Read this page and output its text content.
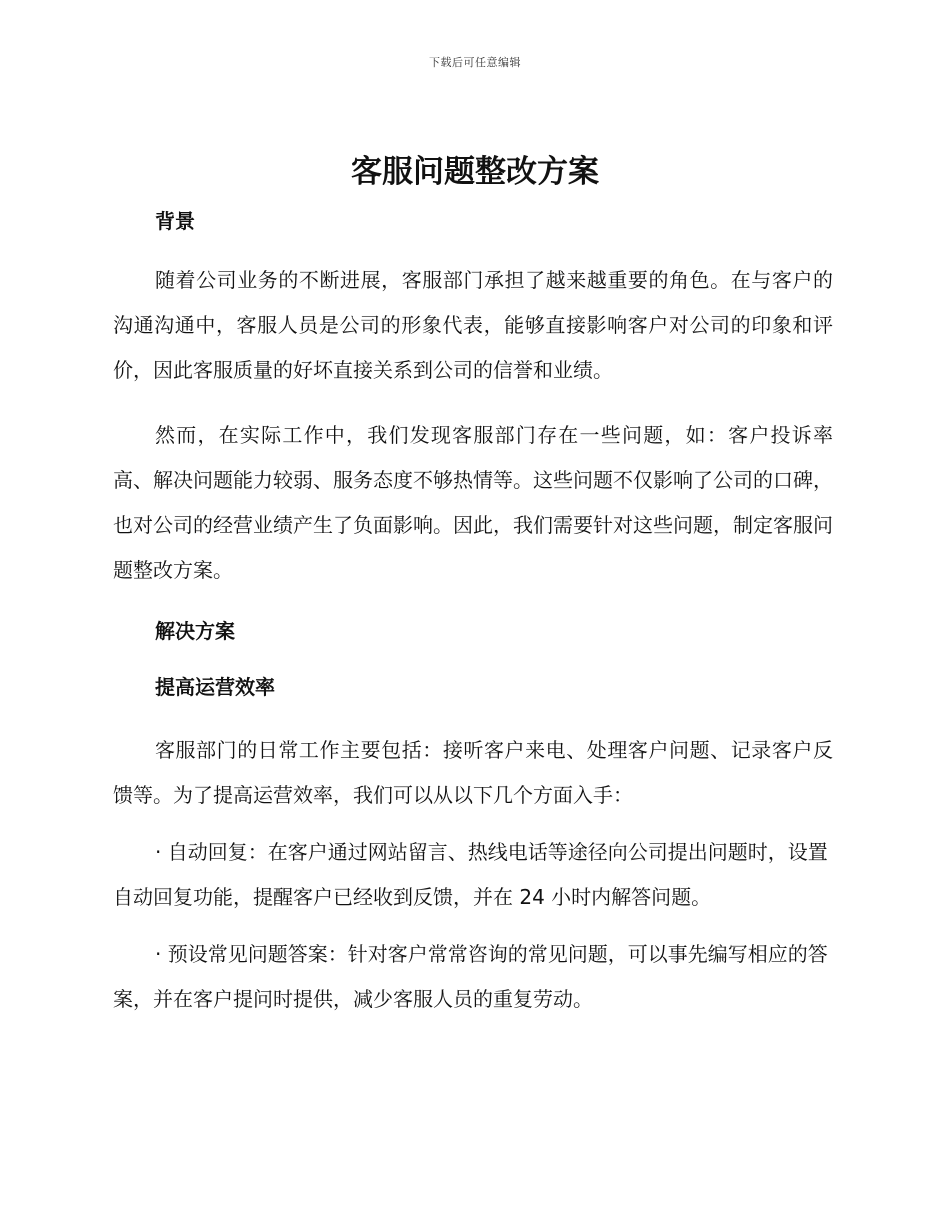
下载后可任意编辑
客服问题整改方案

背景

随着公司业务的不断进展，客服部门承担了越来越重要的角色。在与客户的沟通沟通中，客服人员是公司的形象代表，能够直接影响客户对公司的印象和评价，因此客服质量的好坏直接关系到公司的信誉和业绩。

然而，在实际工作中，我们发现客服部门存在一些问题，如：客户投诉率高、解决问题能力较弱、服务态度不够热情等。这些问题不仅影响了公司的口碑，也对公司的经营业绩产生了负面影响。因此，我们需要针对这些问题，制定客服问题整改方案。

解决方案

提高运营效率

客服部门的日常工作主要包括：接听客户来电、处理客户问题、记录客户反馈等。为了提高运营效率，我们可以从以下几个方面入手：

· 自动回复：在客户通过网站留言、热线电话等途径向公司提出问题时，设置自动回复功能，提醒客户已经收到反馈，并在 24 小时内解答问题。

· 预设常见问题答案：针对客户常常咨询的常见问题，可以事先编写相应的答案，并在客户提问时提供，减少客服人员的重复劳动。
